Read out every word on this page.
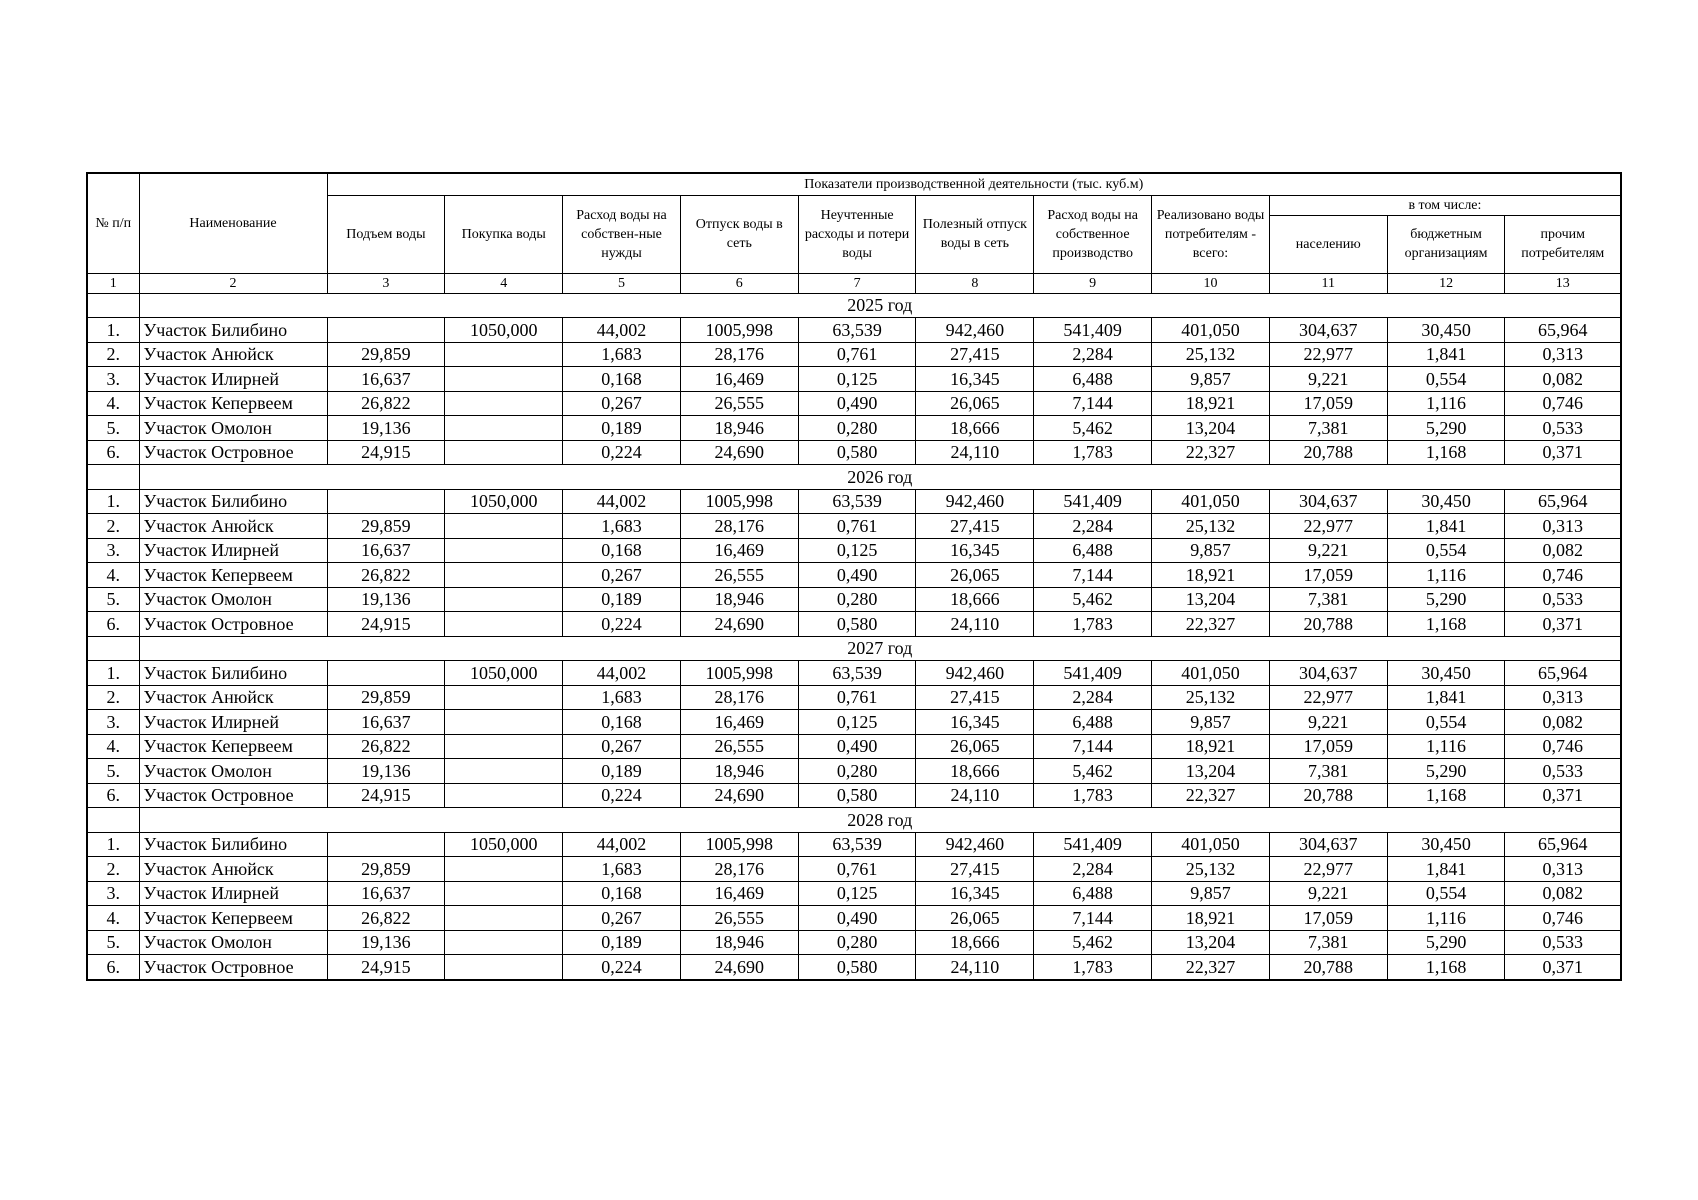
№ п/п	Наименование	Показатели производственной деятельности (тыс. куб.м)										
		Подъем воды	Покупка воды	Расход воды на собствен-ные нужды	Отпуск воды в сеть	Неучтенные расходы и потери воды	Полезный отпуск воды в сеть	Расход воды на собственное производство	Реализовано воды потребителям - всего:	в том числе:		
										населению	бюджетным организациям	прочим потребителям
1	2	3	4	5	6	7	8	9	10	11	12	13
	2025 год											
1.	Участок Билибино		1050,000	44,002	1005,998	63,539	942,460	541,409	401,050	304,637	30,450	65,964
2.	Участок Анюйск	29,859		1,683	28,176	0,761	27,415	2,284	25,132	22,977	1,841	0,313
3.	Участок Илирней	16,637		0,168	16,469	0,125	16,345	6,488	9,857	9,221	0,554	0,082
4.	Участок Кепервеем	26,822		0,267	26,555	0,490	26,065	7,144	18,921	17,059	1,116	0,746
5.	Участок Омолон	19,136		0,189	18,946	0,280	18,666	5,462	13,204	7,381	5,290	0,533
6.	Участок Островное	24,915		0,224	24,690	0,580	24,110	1,783	22,327	20,788	1,168	0,371
	2026 год											
1.	Участок Билибино		1050,000	44,002	1005,998	63,539	942,460	541,409	401,050	304,637	30,450	65,964
2.	Участок Анюйск	29,859		1,683	28,176	0,761	27,415	2,284	25,132	22,977	1,841	0,313
3.	Участок Илирней	16,637		0,168	16,469	0,125	16,345	6,488	9,857	9,221	0,554	0,082
4.	Участок Кепервеем	26,822		0,267	26,555	0,490	26,065	7,144	18,921	17,059	1,116	0,746
5.	Участок Омолон	19,136		0,189	18,946	0,280	18,666	5,462	13,204	7,381	5,290	0,533
6.	Участок Островное	24,915		0,224	24,690	0,580	24,110	1,783	22,327	20,788	1,168	0,371
	2027 год											
1.	Участок Билибино		1050,000	44,002	1005,998	63,539	942,460	541,409	401,050	304,637	30,450	65,964
2.	Участок Анюйск	29,859		1,683	28,176	0,761	27,415	2,284	25,132	22,977	1,841	0,313
3.	Участок Илирней	16,637		0,168	16,469	0,125	16,345	6,488	9,857	9,221	0,554	0,082
4.	Участок Кепервеем	26,822		0,267	26,555	0,490	26,065	7,144	18,921	17,059	1,116	0,746
5.	Участок Омолон	19,136		0,189	18,946	0,280	18,666	5,462	13,204	7,381	5,290	0,533
6.	Участок Островное	24,915		0,224	24,690	0,580	24,110	1,783	22,327	20,788	1,168	0,371
	2028 год											
1.	Участок Билибино		1050,000	44,002	1005,998	63,539	942,460	541,409	401,050	304,637	30,450	65,964
2.	Участок Анюйск	29,859		1,683	28,176	0,761	27,415	2,284	25,132	22,977	1,841	0,313
3.	Участок Илирней	16,637		0,168	16,469	0,125	16,345	6,488	9,857	9,221	0,554	0,082
4.	Участок Кепервеем	26,822		0,267	26,555	0,490	26,065	7,144	18,921	17,059	1,116	0,746
5.	Участок Омолон	19,136		0,189	18,946	0,280	18,666	5,462	13,204	7,381	5,290	0,533
6.	Участок Островное	24,915		0,224	24,690	0,580	24,110	1,783	22,327	20,788	1,168	0,371
